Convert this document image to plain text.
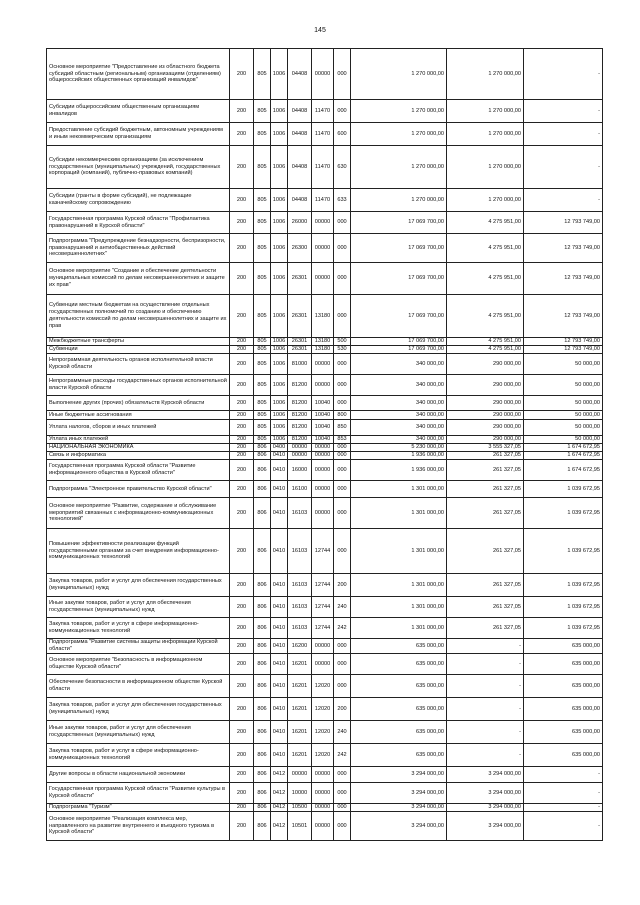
145
Основное мероприятие "Предоставление из областного бюджета субсидий областным (региональным) организациям (отделениям) общероссийских общественных организаций инвалидов"	200	805	1006	04408	00000	000	1 270 000,00	1 270 000,00	-
Субсидии общероссийским общественным организациям инвалидов	200	805	1006	04408	11470	000	1 270 000,00	1 270 000,00	-
Предоставление субсидий бюджетным, автономным учреждениям и иным некоммерческим организациям	200	805	1006	04408	11470	600	1 270 000,00	1 270 000,00	-
Субсидии некоммерческим организациям (за исключением государственных (муниципальных) учреждений, государственных корпораций (компаний), публично-правовых компаний)	200	805	1006	04408	11470	630	1 270 000,00	1 270 000,00	-
Субсидии (гранты в форме субсидий), не подлежащие казначейскому сопровождению	200	805	1006	04408	11470	633	1 270 000,00	1 270 000,00	-
Государственная программа Курской области "Профилактика правонарушений в Курской области"	200	805	1006	26000	00000	000	17 069 700,00	4 275 951,00	12 793 749,00
Подпрограмма "Предупреждение безнадзорности, беспризорности, правонарушений и антиобщественных действий несовершеннолетних"	200	805	1006	26300	00000	000	17 069 700,00	4 275 951,00	12 793 749,00
Основное мероприятие "Создание и обеспечение деятельности муниципальных комиссий по делам несовершеннолетних и защите их прав"	200	805	1006	26301	00000	000	17 069 700,00	4 275 951,00	12 793 749,00
Субвенции местным бюджетам на осуществление отдельных государственных полномочий по созданию и обеспечению деятельности комиссий по делам несовершеннолетних и защите их прав	200	805	1006	26301	13180	000	17 069 700,00	4 275 951,00	12 793 749,00
Межбюджетные трансферты	200	805	1006	26301	13180	500	17 069 700,00	4 275 951,00	12 793 749,00
Субвенции	200	805	1006	26301	13180	530	17 069 700,00	4 275 951,00	12 793 749,00
Непрограммная деятельность органов исполнительной власти Курской области	200	805	1006	81000	00000	000	340 000,00	290 000,00	50 000,00
Непрограммные расходы государственных органов исполнительной власти Курской области	200	805	1006	81200	00000	000	340 000,00	290 000,00	50 000,00
Выполнение других (прочих) обязательств Курской области	200	805	1006	81200	10040	000	340 000,00	290 000,00	50 000,00
Иные бюджетные ассигнования	200	805	1006	81200	10040	800	340 000,00	290 000,00	50 000,00
Уплата налогов, сборов и иных платежей	200	805	1006	81200	10040	850	340 000,00	290 000,00	50 000,00
Уплата иных платежей	200	805	1006	81200	10040	853	340 000,00	290 000,00	50 000,00
НАЦИОНАЛЬНАЯ ЭКОНОМИКА	200	806	0400	00000	00000	000	5 230 000,00	3 555 327,05	1 674 672,95
Связь и информатика	200	806	0410	00000	00000	000	1 936 000,00	261 327,05	1 674 672,95
Государственная программа Курской области "Развитие информационного общества в Курской области"	200	806	0410	16000	00000	000	1 936 000,00	261 327,05	1 674 672,95
Подпрограмма "Электронное правительство Курской области"	200	806	0410	16100	00000	000	1 301 000,00	261 327,05	1 039 672,95
Основное мероприятие "Развитие, содержание и обслуживание мероприятий связанных с информационно-коммуникационных технологией"	200	806	0410	16103	00000	000	1 301 000,00	261 327,05	1 039 672,95
Повышение эффективности реализации функций государственными органами за счет внедрения информационно-коммуникационных технологий	200	806	0410	16103	12744	000	1 301 000,00	261 327,05	1 039 672,95
Закупка товаров, работ и услуг для обеспечения государственных (муниципальных) нужд	200	806	0410	16103	12744	200	1 301 000,00	261 327,05	1 039 672,95
Иные закупки товаров, работ и услуг для обеспечения государственных (муниципальных) нужд	200	806	0410	16103	12744	240	1 301 000,00	261 327,05	1 039 672,95
Закупка товаров, работ и услуг в сфере информационно-коммуникационных технологий	200	806	0410	16103	12744	242	1 301 000,00	261 327,05	1 039 672,95
Подпрограмма "Развитие системы защиты информации Курской области"	200	806	0410	16200	00000	000	635 000,00	-	635 000,00
Основное мероприятие "Безопасность в информационном обществе Курской области"	200	806	0410	16201	00000	000	635 000,00	-	635 000,00
Обеспечение безопасности в информационном обществе Курской области	200	806	0410	16201	12020	000	635 000,00	-	635 000,00
Закупка товаров, работ и услуг для обеспечения государственных (муниципальных) нужд	200	806	0410	16201	12020	200	635 000,00	-	635 000,00
Иные закупки товаров, работ и услуг для обеспечения государственных (муниципальных) нужд	200	806	0410	16201	12020	240	635 000,00	-	635 000,00
Закупка товаров, работ и услуг в сфере информационно-коммуникационных технологий	200	806	0410	16201	12020	242	635 000,00	-	635 000,00
Другие вопросы в области национальной экономики	200	806	0412	00000	00000	000	3 294 000,00	3 294 000,00	-
Государственная программа Курской области "Развитие культуры в Курской области"	200	806	0412	10000	00000	000	3 294 000,00	3 294 000,00	-
Подпрограмма "Туризм"	200	806	0412	10500	00000	000	3 294 000,00	3 294 000,00	-
Основное мероприятие "Реализация комплекса мер, направленного на развитие внутреннего и въездного туризма в Курской области"	200	806	0412	10501	00000	000	3 294 000,00	3 294 000,00	-
